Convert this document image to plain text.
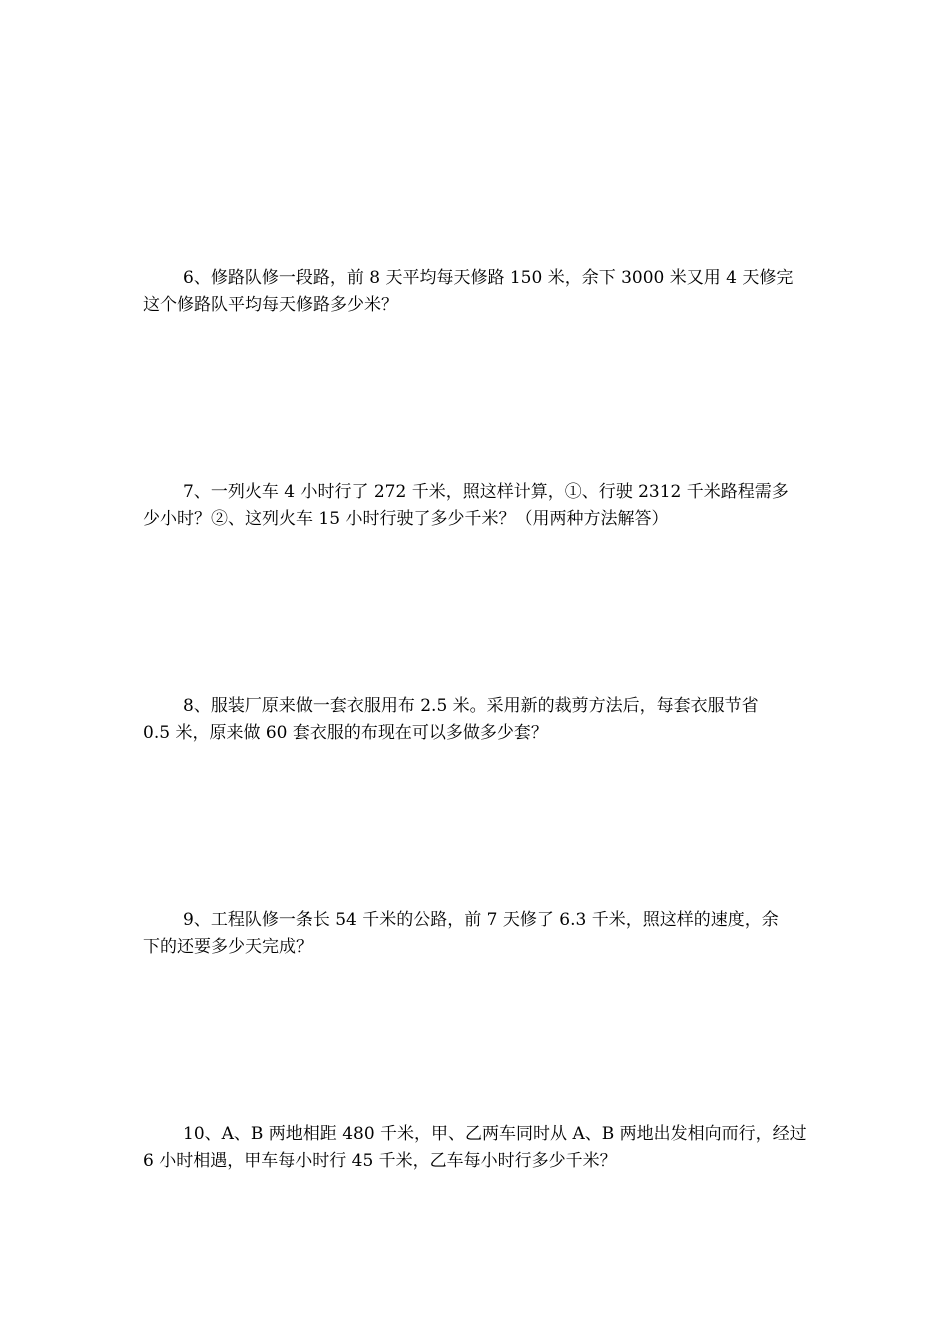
6、修路队修一段路，前 8 天平均每天修路 150 米，余下 3000 米又用 4 天修完
这个修路队平均每天修路多少米？
7、一列火车 4 小时行了 272 千米，照这样计算，①、行驶 2312 千米路程需多
少小时？②、这列火车 15 小时行驶了多少千米？（用两种方法解答）
8、服装厂原来做一套衣服用布 2.5 米。采用新的裁剪方法后，每套衣服节省
0.5 米，原来做 60 套衣服的布现在可以多做多少套？
9、工程队修一条长 54 千米的公路，前 7 天修了 6.3 千米，照这样的速度，余
下的还要多少天完成？
10、A、B 两地相距 480 千米，甲、乙两车同时从 A、B 两地出发相向而行，经过
6 小时相遇，甲车每小时行 45 千米，乙车每小时行多少千米？
